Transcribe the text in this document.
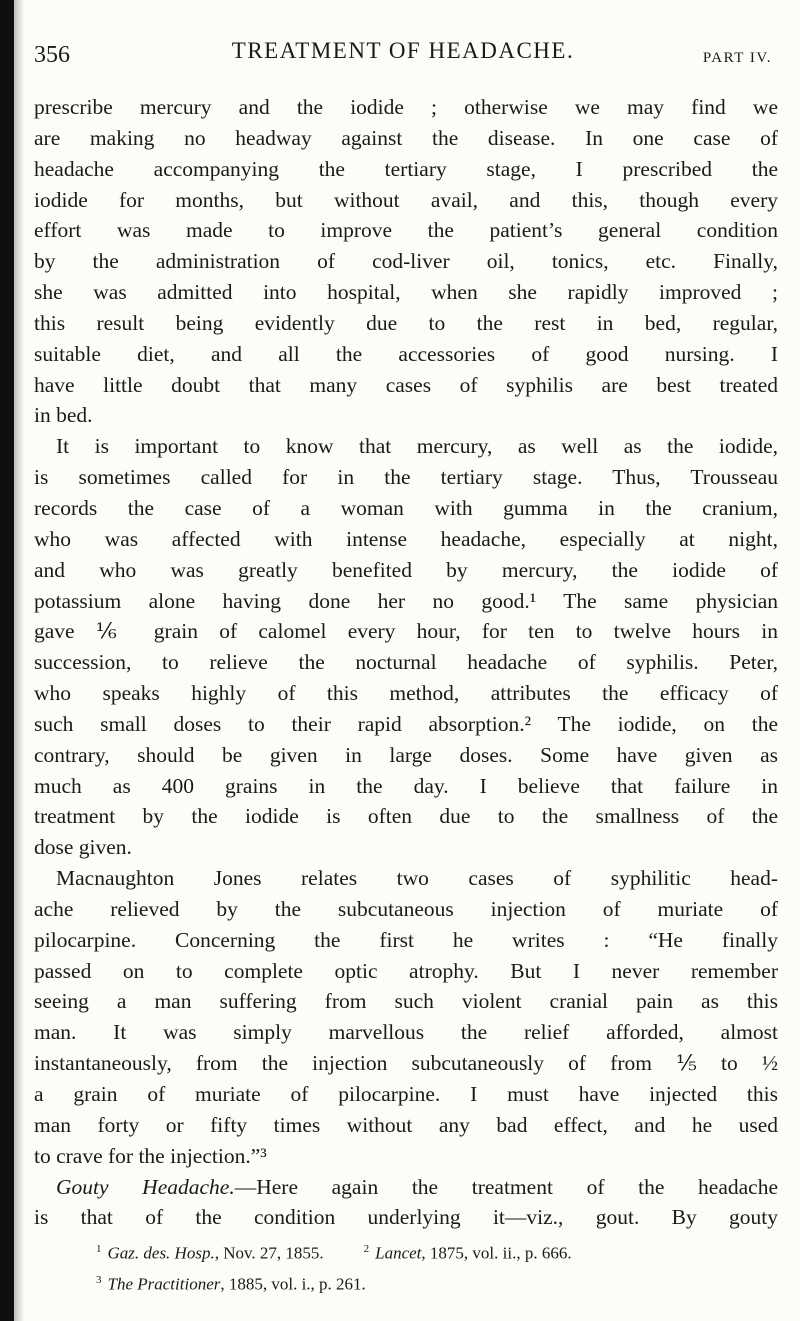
356	TREATMENT OF HEADACHE.	PART IV.
prescribe mercury and the iodide ; otherwise we may find we
are making no headway against the disease. In one case of
headache accompanying the tertiary stage, I prescribed the
iodide for months, but without avail, and this, though every
effort was made to improve the patient’s general condition
by the administration of cod-liver oil, tonics, etc. Finally,
she was admitted into hospital, when she rapidly improved ;
this result being evidently due to the rest in bed, regular,
suitable diet, and all the accessories of good nursing. I
have little doubt that many cases of syphilis are best treated
in bed.
It is important to know that mercury, as well as the iodide,
is sometimes called for in the tertiary stage. Thus, Trousseau
records the case of a woman with gumma in the cranium,
who was affected with intense headache, especially at night,
and who was greatly benefited by mercury, the iodide of
potassium alone having done her no good.¹ The same physician
gave ⅙ grain of calomel every hour, for ten to twelve hours in
succession, to relieve the nocturnal headache of syphilis. Peter,
who speaks highly of this method, attributes the efficacy of
such small doses to their rapid absorption.² The iodide, on the
contrary, should be given in large doses. Some have given as
much as 400 grains in the day. I believe that failure in
treatment by the iodide is often due to the smallness of the
dose given.
Macnaughton Jones relates two cases of syphilitic head-
ache relieved by the subcutaneous injection of muriate of
pilocarpine. Concerning the first he writes : “He finally
passed on to complete optic atrophy. But I never remember
seeing a man suffering from such violent cranial pain as this
man. It was simply marvellous the relief afforded, almost
instantaneously, from the injection subcutaneously of from ⅕ to ½
a grain of muriate of pilocarpine. I must have injected this
man forty or fifty times without any bad effect, and he used
to crave for the injection.”³
Gouty Headache.—Here again the treatment of the headache
is that of the condition underlying it—viz., gout. By gouty
$^1$ Gaz. des. Hosp., Nov. 27, 1855.	$^2$ Lancet, 1875, vol. ii., p. 666.
$^3$ The Practitioner, 1885, vol. i., p. 261.
